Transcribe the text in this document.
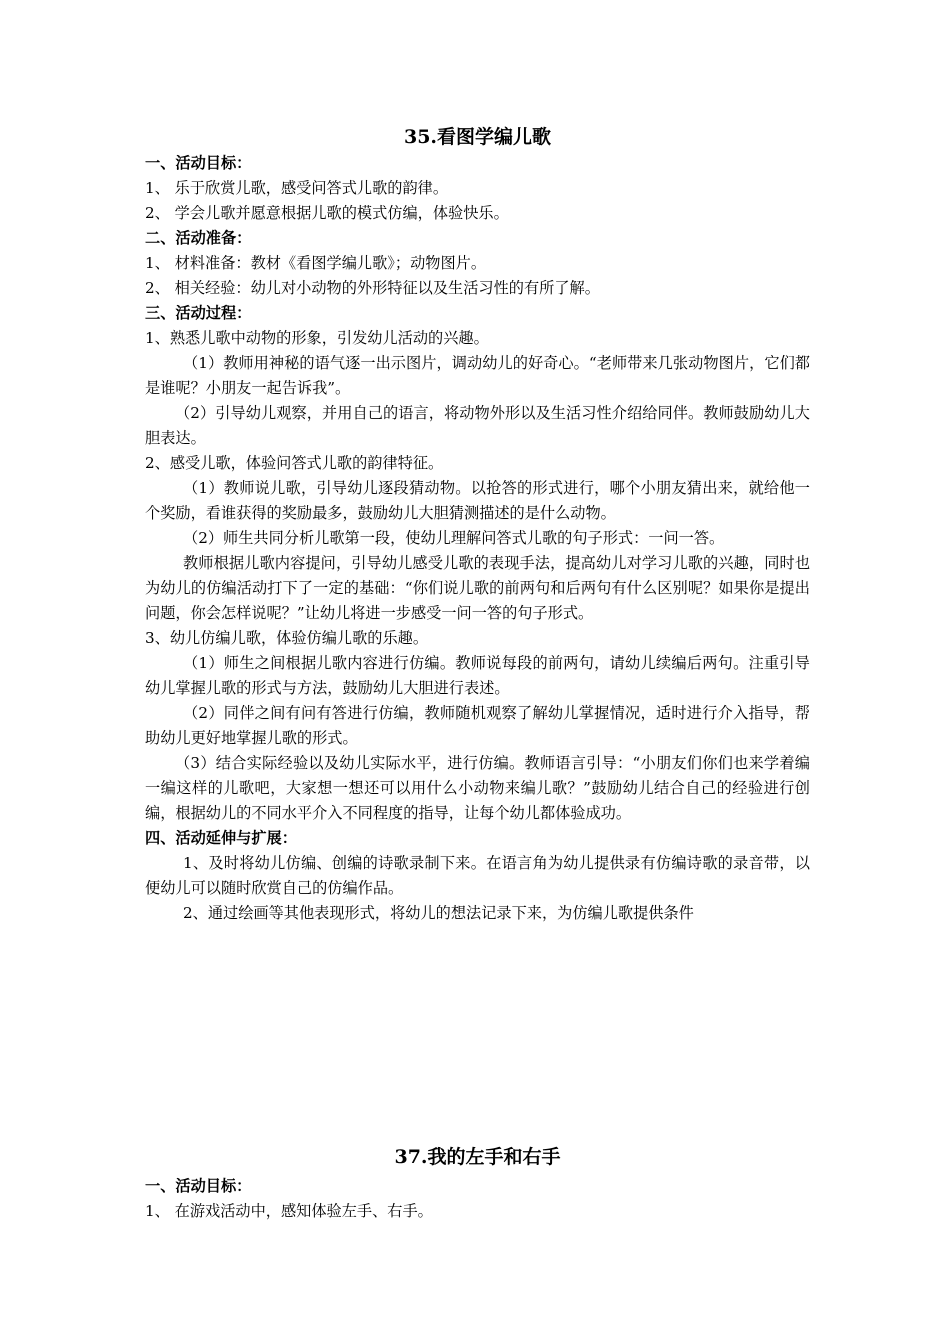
35.看图学编儿歌

一、活动目标：

1、 乐于欣赏儿歌，感受问答式儿歌的韵律。

2、 学会儿歌并愿意根据儿歌的模式仿编，体验快乐。

二、活动准备：

1、 材料准备：教材《看图学编儿歌》；动物图片。

2、 相关经验：幼儿对小动物的外形特征以及生活习性的有所了解。

三、活动过程：

1、熟悉儿歌中动物的形象，引发幼儿活动的兴趣。

（1）教师用神秘的语气逐一出示图片，调动幼儿的好奇心。“老师带来几张动物图片，它们都是谁呢？小朋友一起告诉我”。

（2）引导幼儿观察，并用自己的语言，将动物外形以及生活习性介绍给同伴。教师鼓励幼儿大胆表达。

2、感受儿歌，体验问答式儿歌的韵律特征。

（1）教师说儿歌，引导幼儿逐段猜动物。以抢答的形式进行，哪个小朋友猜出来，就给他一个奖励，看谁获得的奖励最多，鼓励幼儿大胆猜测描述的是什么动物。

（2）师生共同分析儿歌第一段，使幼儿理解问答式儿歌的句子形式：一问一答。

教师根据儿歌内容提问，引导幼儿感受儿歌的表现手法，提高幼儿对学习儿歌的兴趣，同时也为幼儿的仿编活动打下了一定的基础：“你们说儿歌的前两句和后两句有什么区别呢？如果你是提出问题，你会怎样说呢？”让幼儿将进一步感受一问一答的句子形式。

3、幼儿仿编儿歌，体验仿编儿歌的乐趣。

（1）师生之间根据儿歌内容进行仿编。教师说每段的前两句，请幼儿续编后两句。注重引导幼儿掌握儿歌的形式与方法，鼓励幼儿大胆进行表述。

（2）同伴之间有问有答进行仿编，教师随机观察了解幼儿掌握情况，适时进行介入指导，帮助幼儿更好地掌握儿歌的形式。

（3）结合实际经验以及幼儿实际水平，进行仿编。教师语言引导：“小朋友们你们也来学着编一编这样的儿歌吧，大家想一想还可以用什么小动物来编儿歌？”鼓励幼儿结合自己的经验进行创编，根据幼儿的不同水平介入不同程度的指导，让每个幼儿都体验成功。

四、活动延伸与扩展：

1、及时将幼儿仿编、创编的诗歌录制下来。在语言角为幼儿提供录有仿编诗歌的录音带，以便幼儿可以随时欣赏自己的仿编作品。

2、通过绘画等其他表现形式，将幼儿的想法记录下来，为仿编儿歌提供条件

37.我的左手和右手

一、活动目标：

1、 在游戏活动中，感知体验左手、右手。
